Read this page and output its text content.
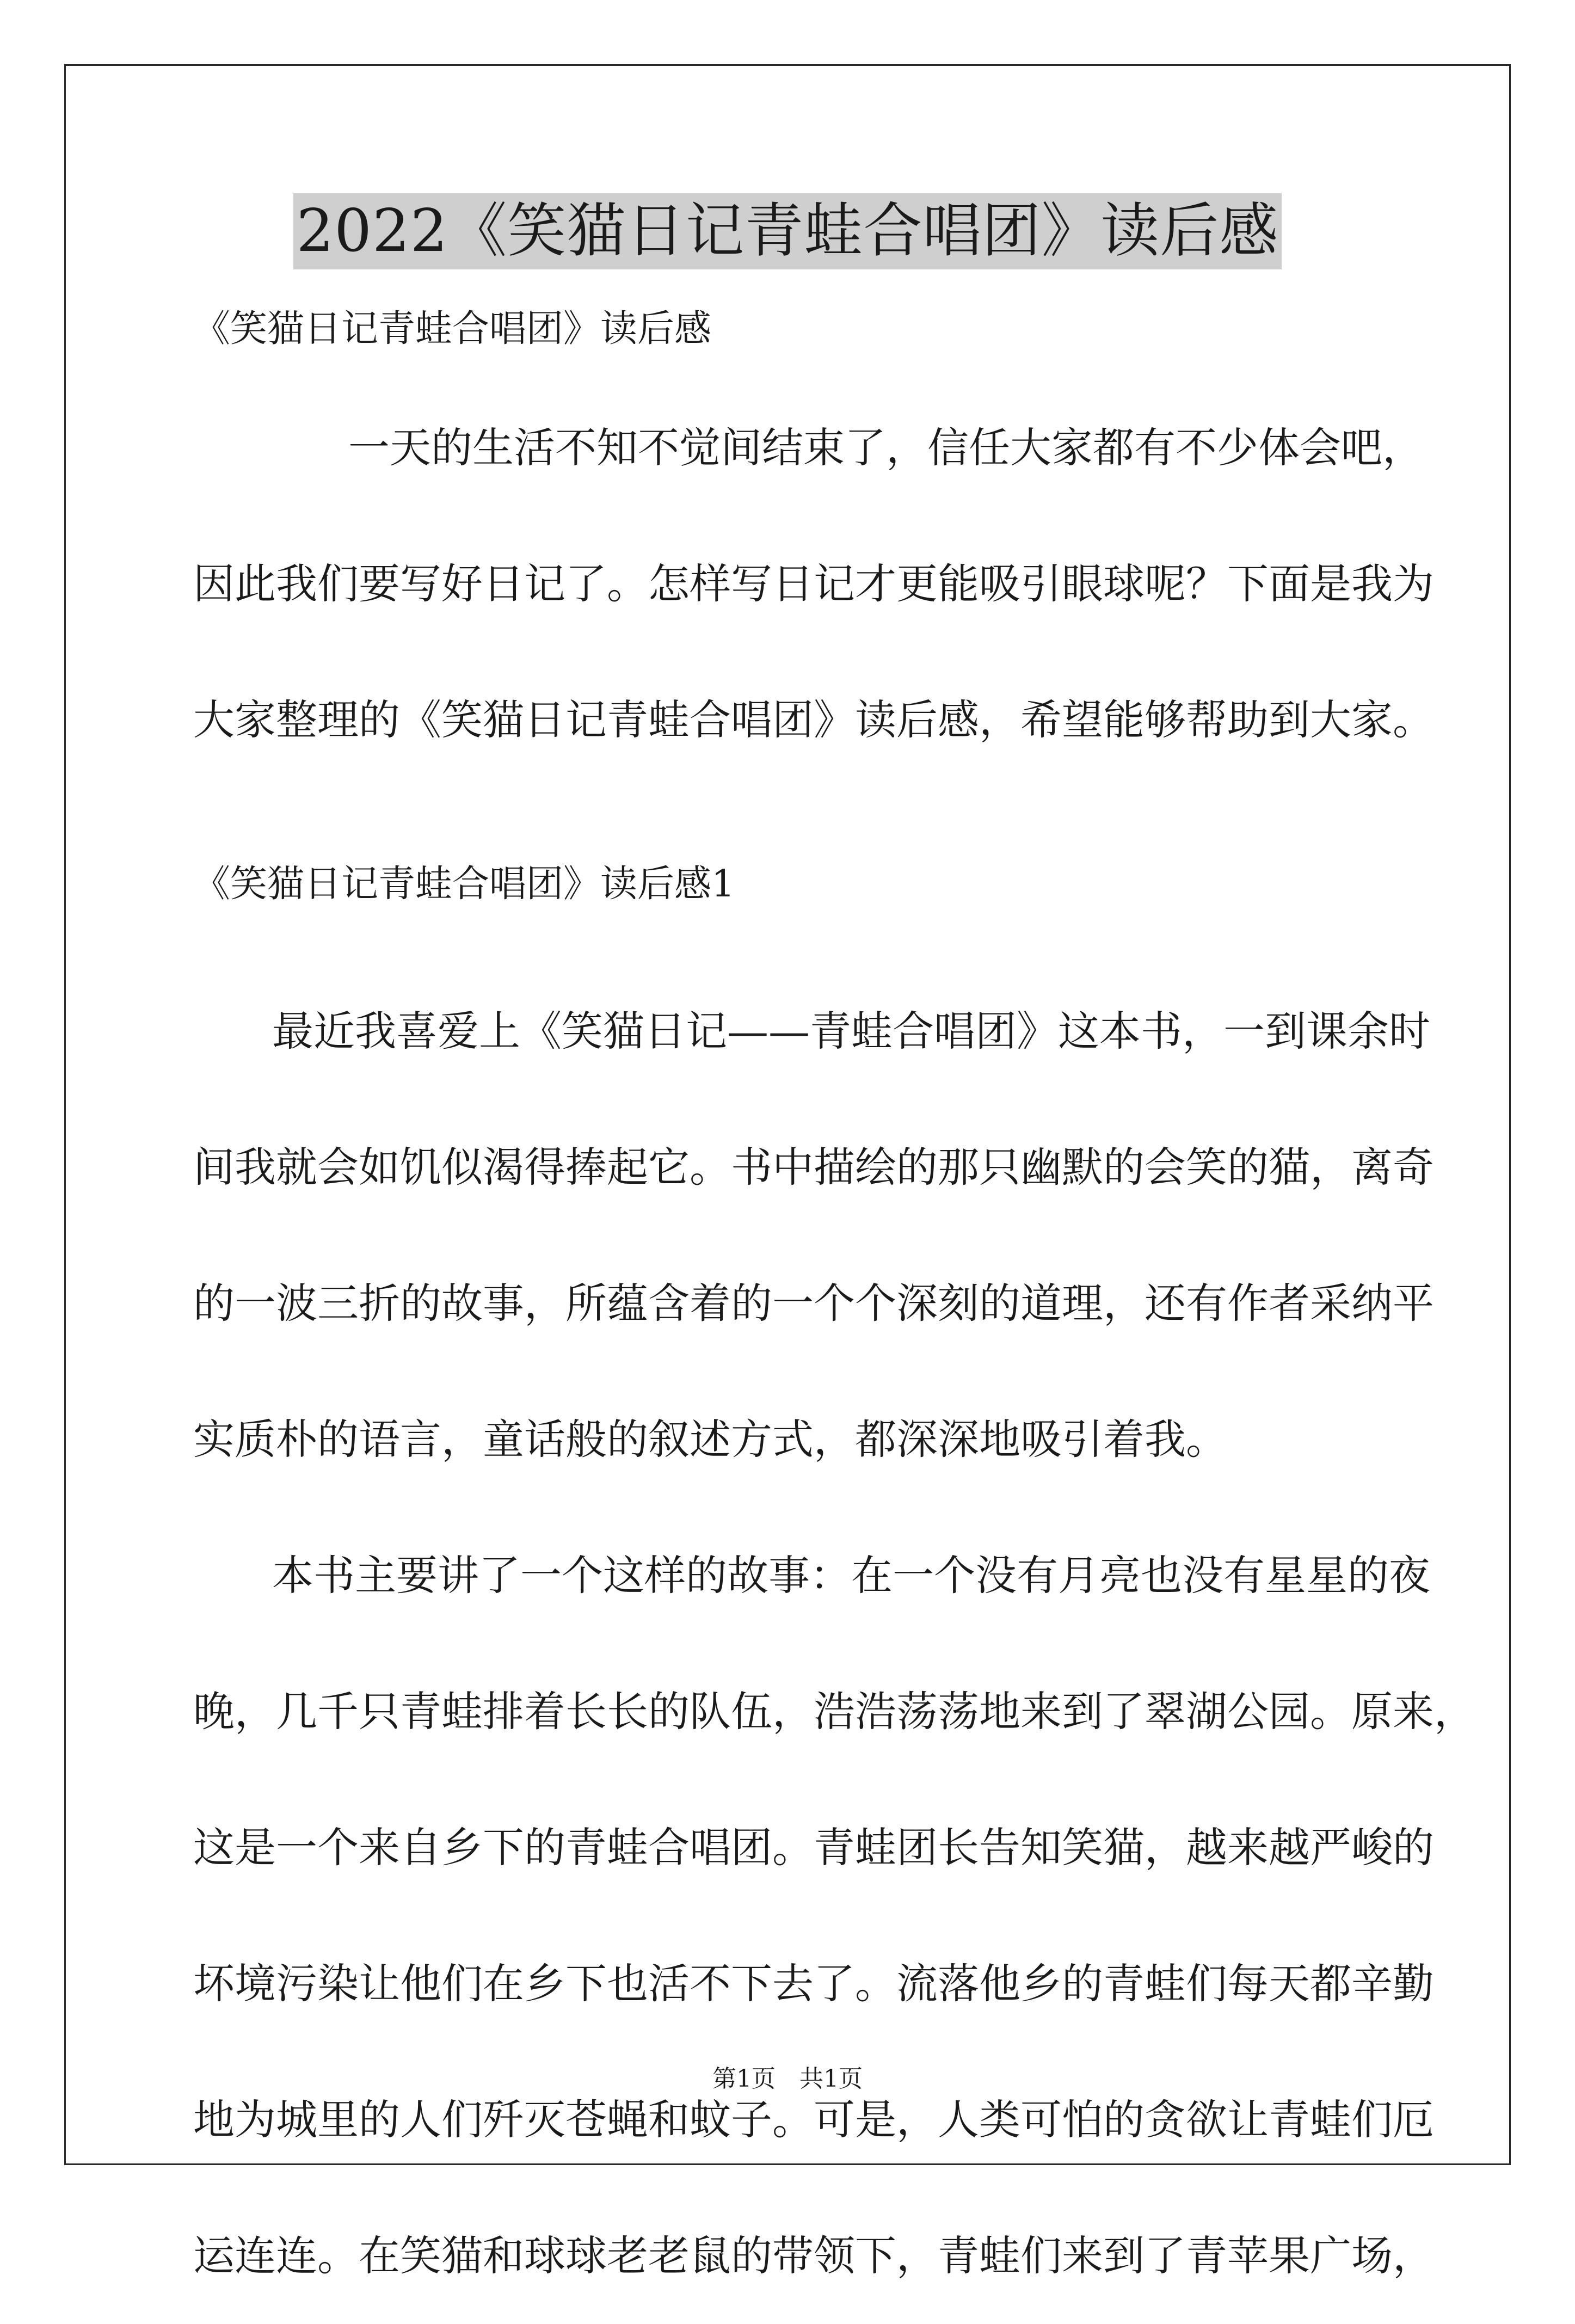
2022《笑猫日记青蛙合唱团》读后感
《笑猫日记青蛙合唱团》读后感
一天的生活不知不觉间结束了，信任大家都有不少体会吧，
因此我们要写好日记了。怎样写日记才更能吸引眼球呢？下面是我为
大家整理的《笑猫日记青蛙合唱团》读后感，希望能够帮助到大家。
《笑猫日记青蛙合唱团》读后感1
最近我喜爱上《笑猫日记——青蛙合唱团》这本书，一到课余时
间我就会如饥似渴得捧起它。书中描绘的那只幽默的会笑的猫，离奇
的一波三折的故事，所蕴含着的一个个深刻的道理，还有作者采纳平
实质朴的语言，童话般的叙述方式，都深深地吸引着我。
本书主要讲了一个这样的故事：在一个没有月亮也没有星星的夜
晚，几千只青蛙排着长长的队伍，浩浩荡荡地来到了翠湖公园。原来，
这是一个来自乡下的青蛙合唱团。青蛙团长告知笑猫，越来越严峻的
坏境污染让他们在乡下也活不下去了。流落他乡的青蛙们每天都辛勤
地为城里的人们歼灭苍蝇和蚊子。可是，人类可怕的贪欲让青蛙们厄
运连连。在笑猫和球球老老鼠的带领下，青蛙们来到了青苹果广场，
第1页　共1页
